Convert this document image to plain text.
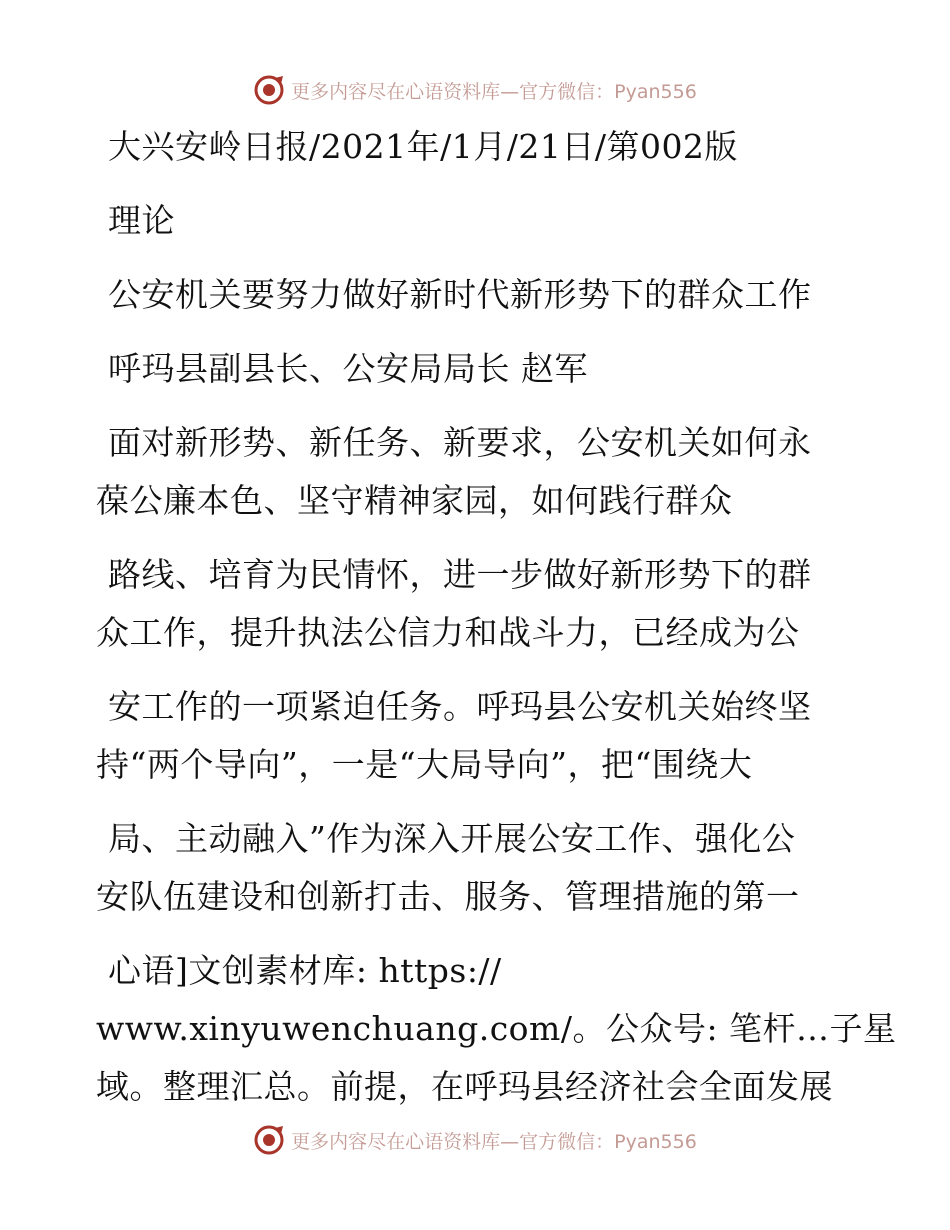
更多内容尽在心语资料库—官方微信：Pyan556
大兴安岭日报/2021年/1月/21日/第002版
理论
公安机关要努力做好新时代新形势下的群众工作
呼玛县副县长、公安局局长 赵军
面对新形势、新任务、新要求，公安机关如何永
葆公廉本色、坚守精神家园，如何践行群众
路线、培育为民情怀，进一步做好新形势下的群
众工作，提升执法公信力和战斗力，已经成为公
安工作的一项紧迫任务。呼玛县公安机关始终坚
持“两个导向”，一是“大局导向”，把“围绕大
局、主动融入”作为深入开展公安工作、强化公
安队伍建设和创新打击、服务、管理措施的第一
心语]文创素材库: https://
www.xinyuwenchuang.com/。公众号: 笔杆…子星
域。整理汇总。前提，在呼玛县经济社会全面发展
更多内容尽在心语资料库—官方微信：Pyan556
